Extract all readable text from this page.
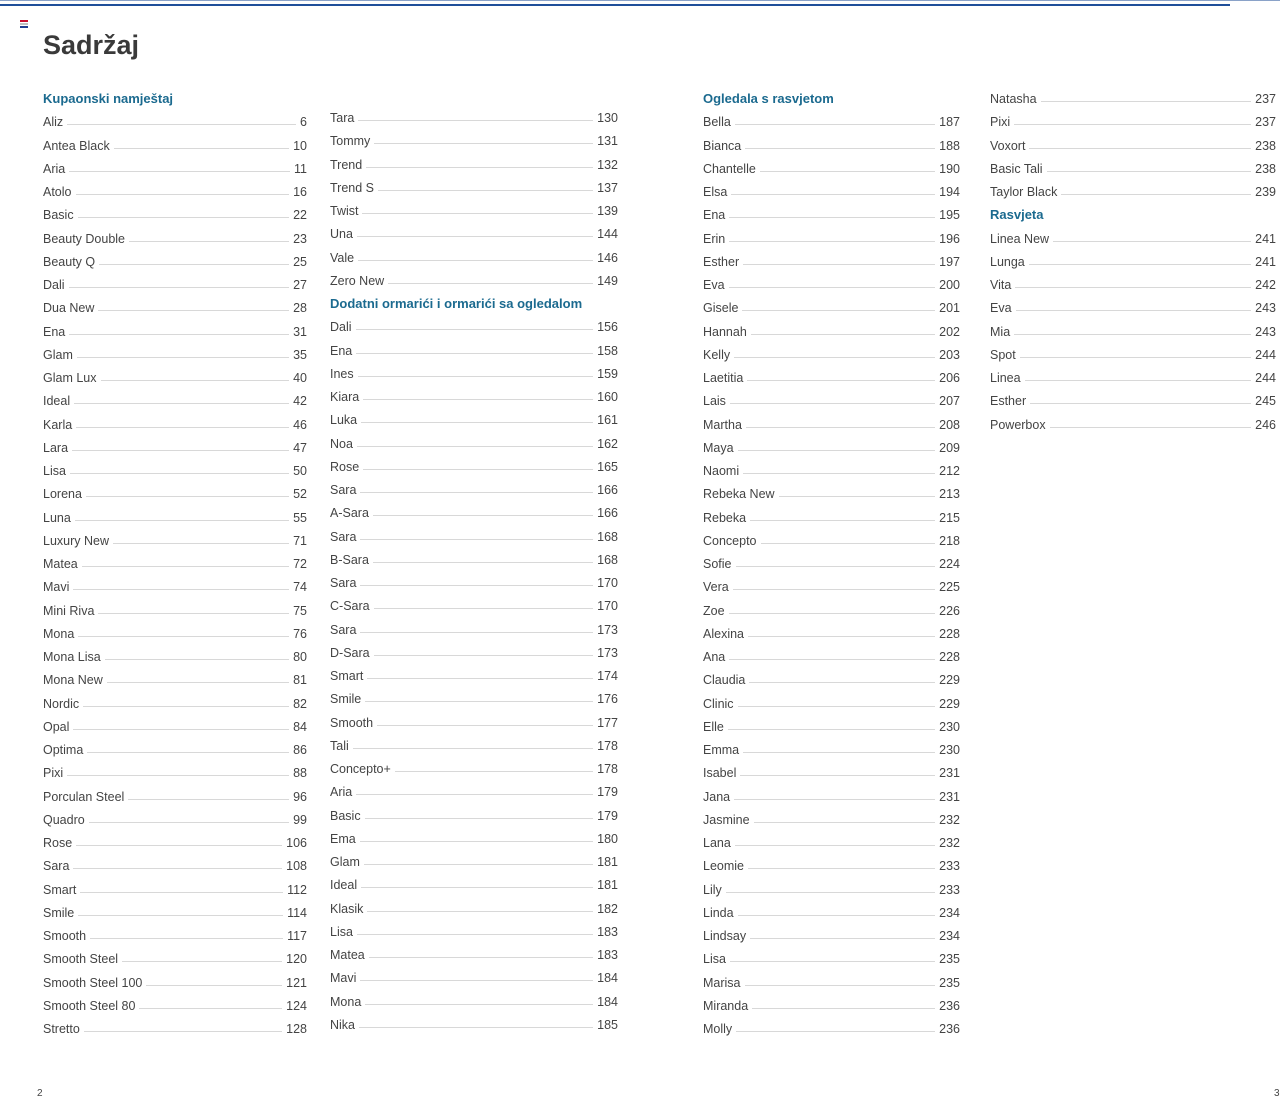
Sadržaj
Kupaonski namještaj
Aliz	6
Antea Black	10
Aria	11
Atolo	16
Basic	22
Beauty Double	23
Beauty Q	25
Dali	27
Dua New	28
Ena	31
Glam	35
Glam Lux	40
Ideal	42
Karla	46
Lara	47
Lisa	50
Lorena	52
Luna	55
Luxury New	71
Matea	72
Mavi	74
Mini Riva	75
Mona	76
Mona Lisa	80
Mona New	81
Nordic	82
Opal	84
Optima	86
Pixi	88
Porculan Steel	96
Quadro	99
Rose	106
Sara	108
Smart	112
Smile	114
Smooth	117
Smooth Steel	120
Smooth Steel 100	121
Smooth Steel 80	124
Stretto	128
Tara	130
Tommy	131
Trend	132
Trend S	137
Twist	139
Una	144
Vale	146
Zero New	149
Dodatni ormarići i ormarići sa ogledalom
Dali	156
Ena	158
Ines	159
Kiara	160
Luka	161
Noa	162
Rose	165
Sara	166
A-Sara	166
Sara	168
B-Sara	168
Sara	170
C-Sara	170
Sara	173
D-Sara	173
Smart	174
Smile	176
Smooth	177
Tali	178
Concepto+	178
Aria	179
Basic	179
Ema	180
Glam	181
Ideal	181
Klasik	182
Lisa	183
Matea	183
Mavi	184
Mona	184
Nika	185
Ogledala s rasvjetom
Bella	187
Bianca	188
Chantelle	190
Elsa	194
Ena	195
Erin	196
Esther	197
Eva	200
Gisele	201
Hannah	202
Kelly	203
Laetitia	206
Lais	207
Martha	208
Maya	209
Naomi	212
Rebeka New	213
Rebeka	215
Concepto	218
Sofie	224
Vera	225
Zoe	226
Alexina	228
Ana	228
Claudia	229
Clinic	229
Elle	230
Emma	230
Isabel	231
Jana	231
Jasmine	232
Lana	232
Leomie	233
Lily	233
Linda	234
Lindsay	234
Lisa	235
Marisa	235
Miranda	236
Molly	236
Natasha	237
Pixi	237
Voxort	238
Basic Tali	238
Taylor Black	239
Rasvjeta
Linea New	241
Lunga	241
Vita	242
Eva	243
Mia	243
Spot	244
Linea	244
Esther	245
Powerbox	246
2	3
